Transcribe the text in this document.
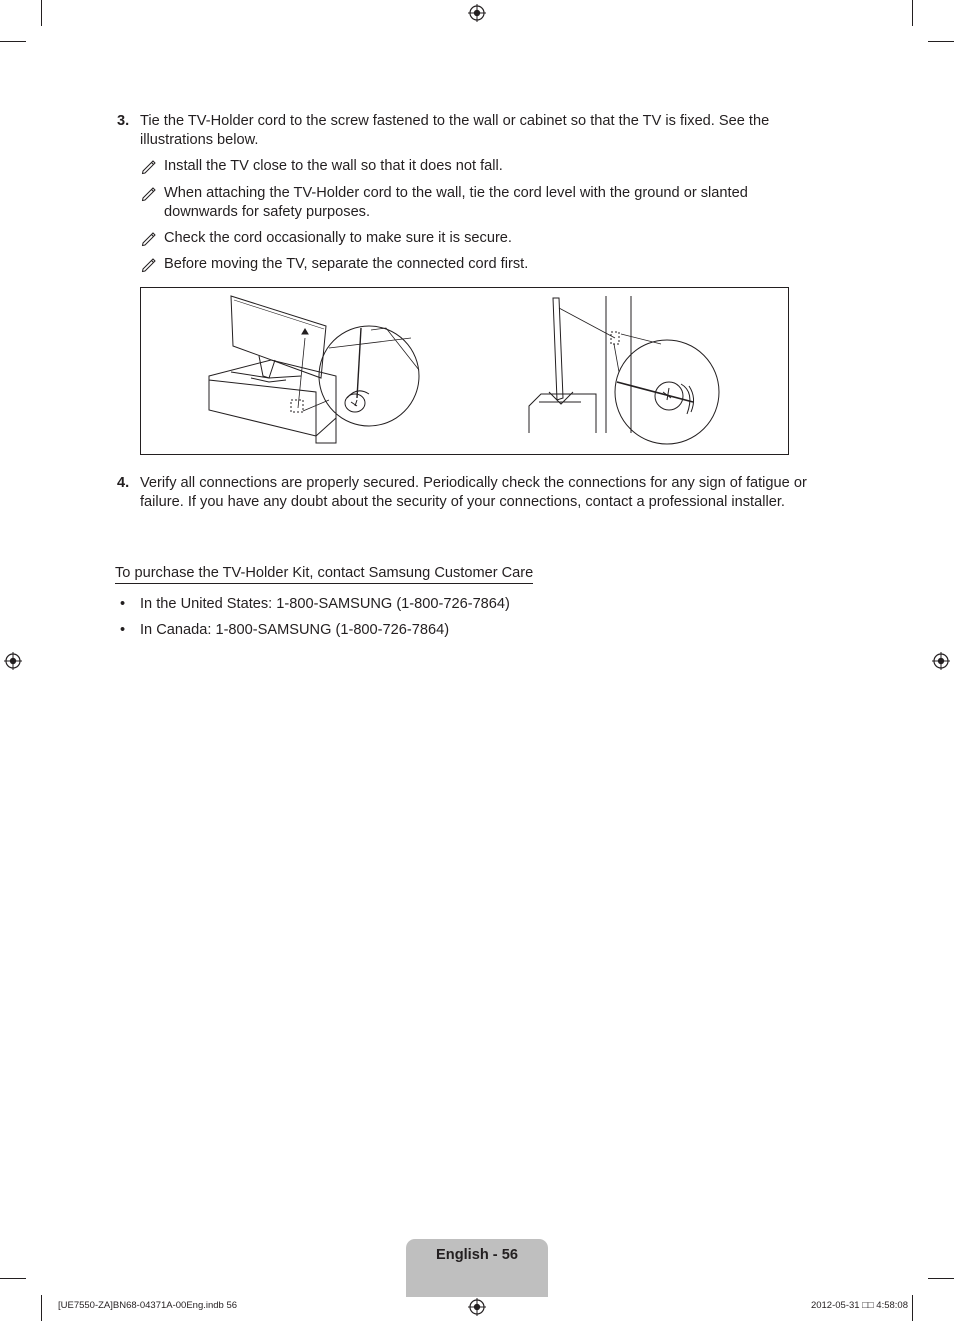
3. Tie the TV-Holder cord to the screw fastened to the wall or cabinet so that the TV is fixed. See the illustrations below.
Install the TV close to the wall so that it does not fall.
When attaching the TV-Holder cord to the wall, tie the cord level with the ground or slanted downwards for safety purposes.
Check the cord occasionally to make sure it is secure.
Before moving the TV, separate the connected cord first.
4. Verify all connections are properly secured. Periodically check the connections for any sign of fatigue or failure. If you have any doubt about the security of your connections, contact a professional installer.
To purchase the TV-Holder Kit, contact Samsung Customer Care
• In the United States: 1-800-SAMSUNG (1-800-726-7864)
• In Canada: 1-800-SAMSUNG (1-800-726-7864)
English - 56
[UE7550-ZA]BN68-04371A-00Eng.indb 56	2012-05-31 □□ 4:58:08
